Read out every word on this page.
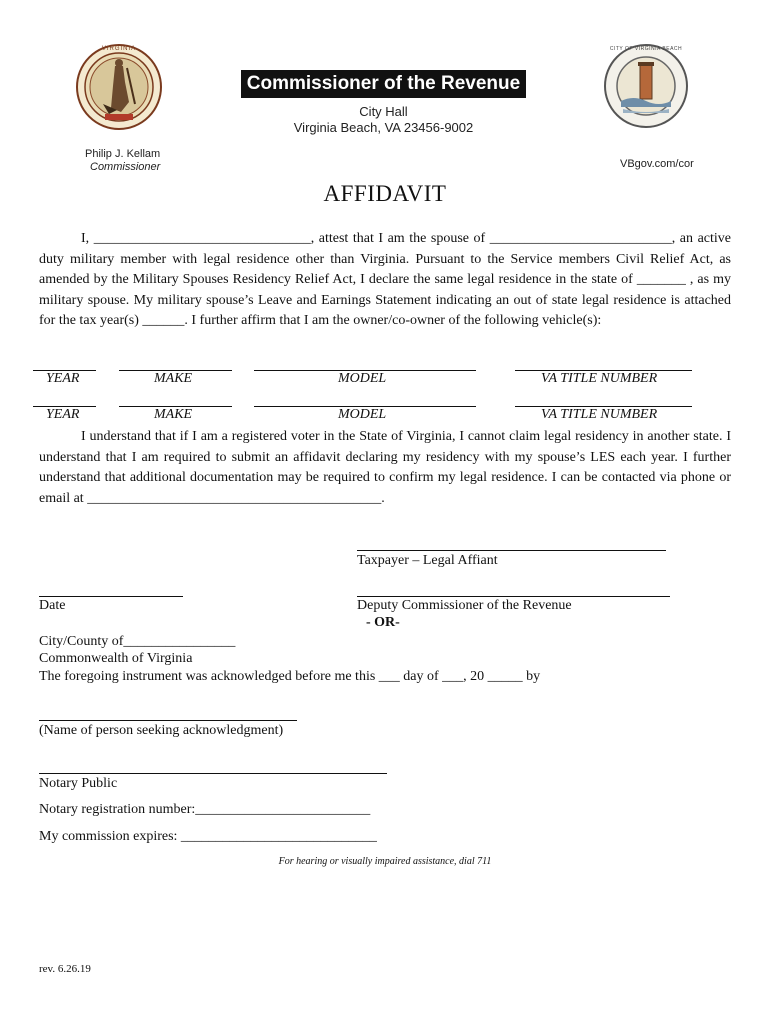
VIRGINIA
Commissioner of the Revenue
City Hall
Virginia Beach, VA 23456-9002
CITY OF VIRGINIA BEACH
Philip J. Kellam
Commissioner	VBgov.com/cor
AFFIDAVIT
I, _______________________________, attest that I am the spouse of __________________________, an active duty military member with legal residence other than Virginia. Pursuant to the Service members Civil Relief Act, as amended by the Military Spouses Residency Relief Act, I declare the same legal residence in the state of _______ , as my military spouse. My military spouse’s Leave and Earnings Statement indicating an out of state legal residence is attached for the tax year(s) ______. I further affirm that I am the owner/co-owner of the following vehicle(s):
YEAR	MAKE	MODEL	VA TITLE NUMBER
YEAR	MAKE	MODEL	VA TITLE NUMBER
I understand that if I am a registered voter in the State of Virginia, I cannot claim legal residency in another state. I understand that I am required to submit an affidavit declaring my residency with my spouse’s LES each year. I further understand that additional documentation may be required to confirm my legal residence. I can be contacted via phone or email at __________________________________________.
Taxpayer – Legal Affiant
Date	Deputy Commissioner of the Revenue
- OR-
City/County of________________
Commonwealth of Virginia
The foregoing instrument was acknowledged before me this ___ day of ___, 20 _____ by
(Name of person seeking acknowledgment)
Notary Public
Notary registration number:_________________________
My commission expires: ____________________________
For hearing or visually impaired assistance, dial 711
rev. 6.26.19
